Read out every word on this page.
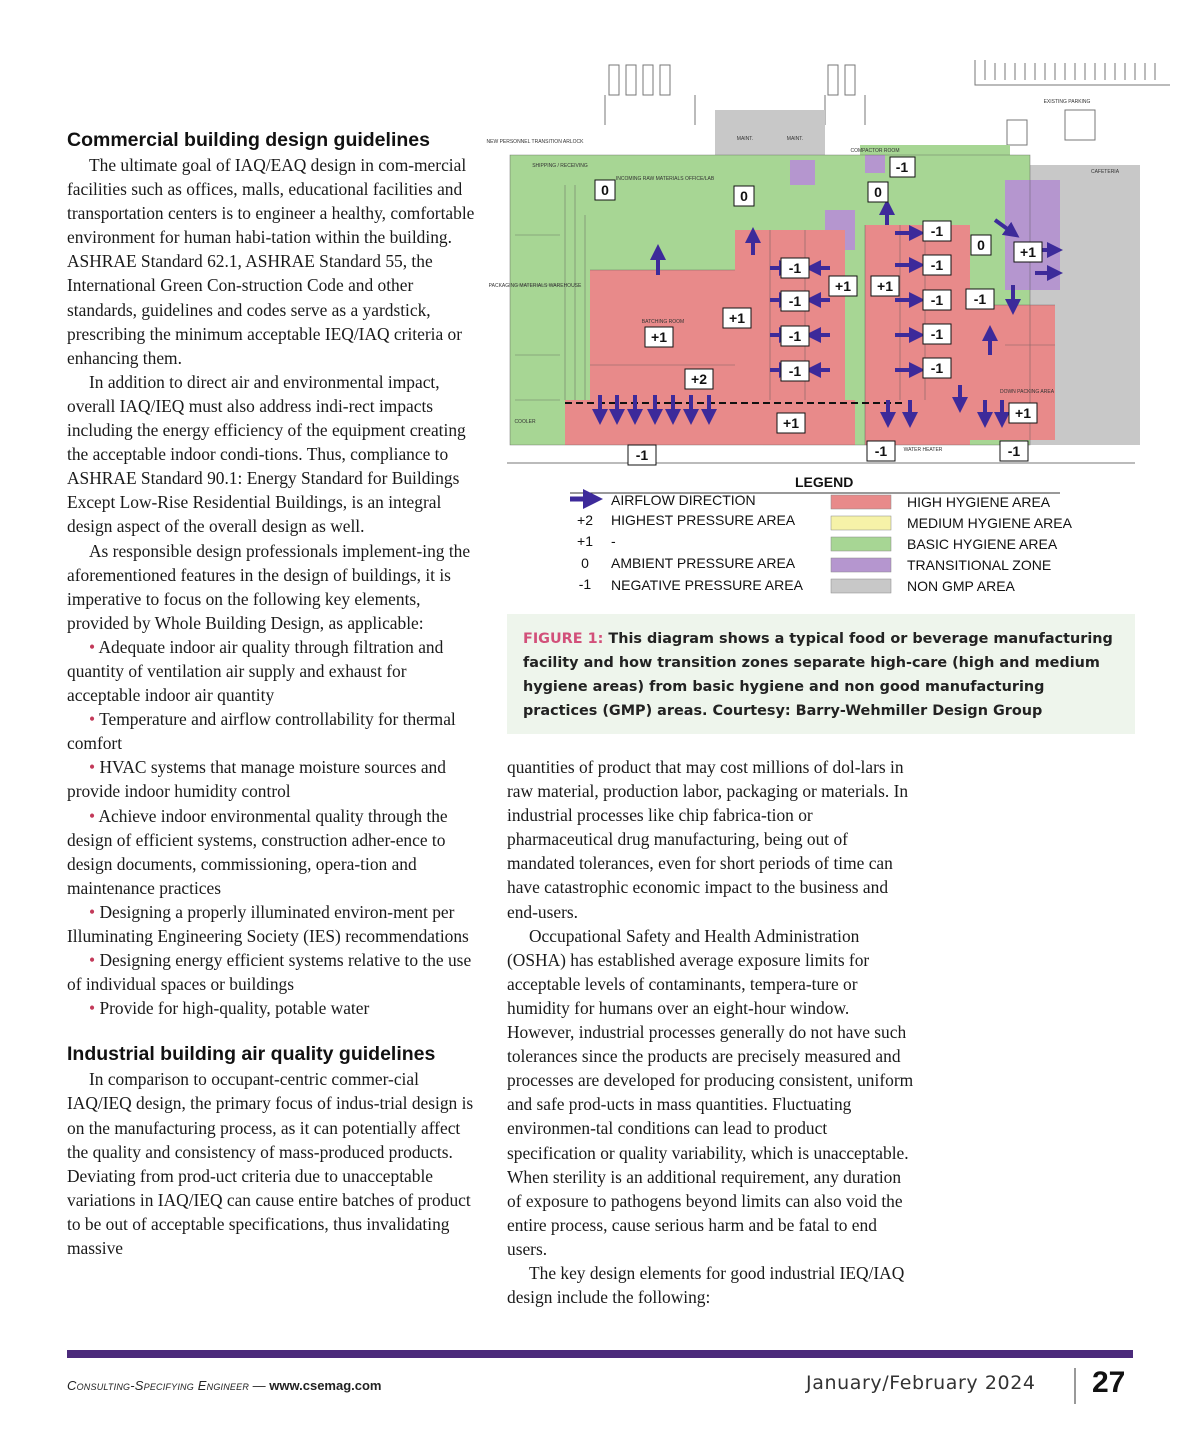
Commercial building design guidelines

The ultimate goal of IAQ/EAQ design in com-mercial facilities such as offices, malls, educational facilities and transportation centers is to engineer a healthy, comfortable environment for human habi-tation within the building. ASHRAE Standard 62.1, ASHRAE Standard 55, the International Green Con-struction Code and other standards, guidelines and codes serve as a yardstick, prescribing the minimum acceptable IEQ/IAQ criteria or enhancing them.

In addition to direct air and environmental impact, overall IAQ/IEQ must also address indi-rect impacts including the energy efficiency of the equipment creating the acceptable indoor condi-tions. Thus, compliance to ASHRAE Standard 90.1: Energy Standard for Buildings Except Low-Rise Residential Buildings, is an integral design aspect of the overall design as well.

As responsible design professionals implement-ing the aforementioned features in the design of buildings, it is imperative to focus on the following key elements, provided by Whole Building Design, as applicable:

• Adequate indoor air quality through filtration and quantity of ventilation air supply and exhaust for acceptable indoor air quantity

• Temperature and airflow controllability for thermal comfort

• HVAC systems that manage moisture sources and provide indoor humidity control

• Achieve indoor environmental quality through the design of efficient systems, construction adher-ence to design documents, commissioning, opera-tion and maintenance practices

• Designing a properly illuminated environ-ment per Illuminating Engineering Society (IES) recommendations

• Designing energy efficient systems relative to the use of individual spaces or buildings

• Provide for high-quality, potable water

Industrial building air quality guidelines

In comparison to occupant-centric commer-cial IAQ/IEQ design, the primary focus of indus-trial design is on the manufacturing process, as it can potentially affect the quality and consistency of mass-produced products. Deviating from prod-uct criteria due to unacceptable variations in IAQ/IEQ can cause entire batches of product to be out of acceptable specifications, thus invalidating massive

EXISTING PARKING
CAFETERIA
COOLER
BATCHING ROOM
PACKAGING MATERIALS WAREHOUSE
SHIPPING / RECEIVING
MAINT.	MAINT.
COMPACTOR ROOM
DOWN PACKING AREA
WATER HEATER
INCOMING RAW MATERIALS OFFICE/LAB
NEW PERSONNEL TRANSITION ARLOCK
0	0	0
0
-1
+1
+1
+2
-1
-1
-1
-1
+1 +1
-1
-1
-1
-1
-1
+1
-1
+1
-1
+1
-1
-1
LEGEND
AIRFLOW DIRECTION
+2 HIGHEST PRESSURE AREA
+1 -
0 AMBIENT PRESSURE AREA
-1 NEGATIVE PRESSURE AREA
HIGH HYGIENE AREA
MEDIUM HYGIENE AREA
BASIC HYGIENE AREA
TRANSITIONAL ZONE
NON GMP AREA
FIGURE 1: This diagram shows a typical food or beverage manufacturing facility and how transition zones separate high-care (high and medium hygiene areas) from basic hygiene and non good manufacturing practices (GMP) areas. Courtesy: Barry-Wehmiller Design Group

quantities of product that may cost millions of dol-lars in raw material, production labor, packaging or materials. In industrial processes like chip fabrica-tion or pharmaceutical drug manufacturing, being out of mandated tolerances, even for short periods of time can have catastrophic economic impact to the business and end-users.

Occupational Safety and Health Administration (OSHA) has established average exposure limits for acceptable levels of contaminants, tempera-ture or humidity for humans over an eight-hour window. However, industrial processes generally do not have such tolerances since the products are precisely measured and processes are developed for producing consistent, uniform and safe prod-ucts in mass quantities. Fluctuating environmen-tal conditions can lead to product specification or quality variability, which is unacceptable. When sterility is an additional requirement, any duration of exposure to pathogens beyond limits can also void the entire process, cause serious harm and be fatal to end users.

The key design elements for good industrial IEQ/IAQ design include the following:

Consulting-Specifying Engineer — www.csemag.com	January/February 2024 27
